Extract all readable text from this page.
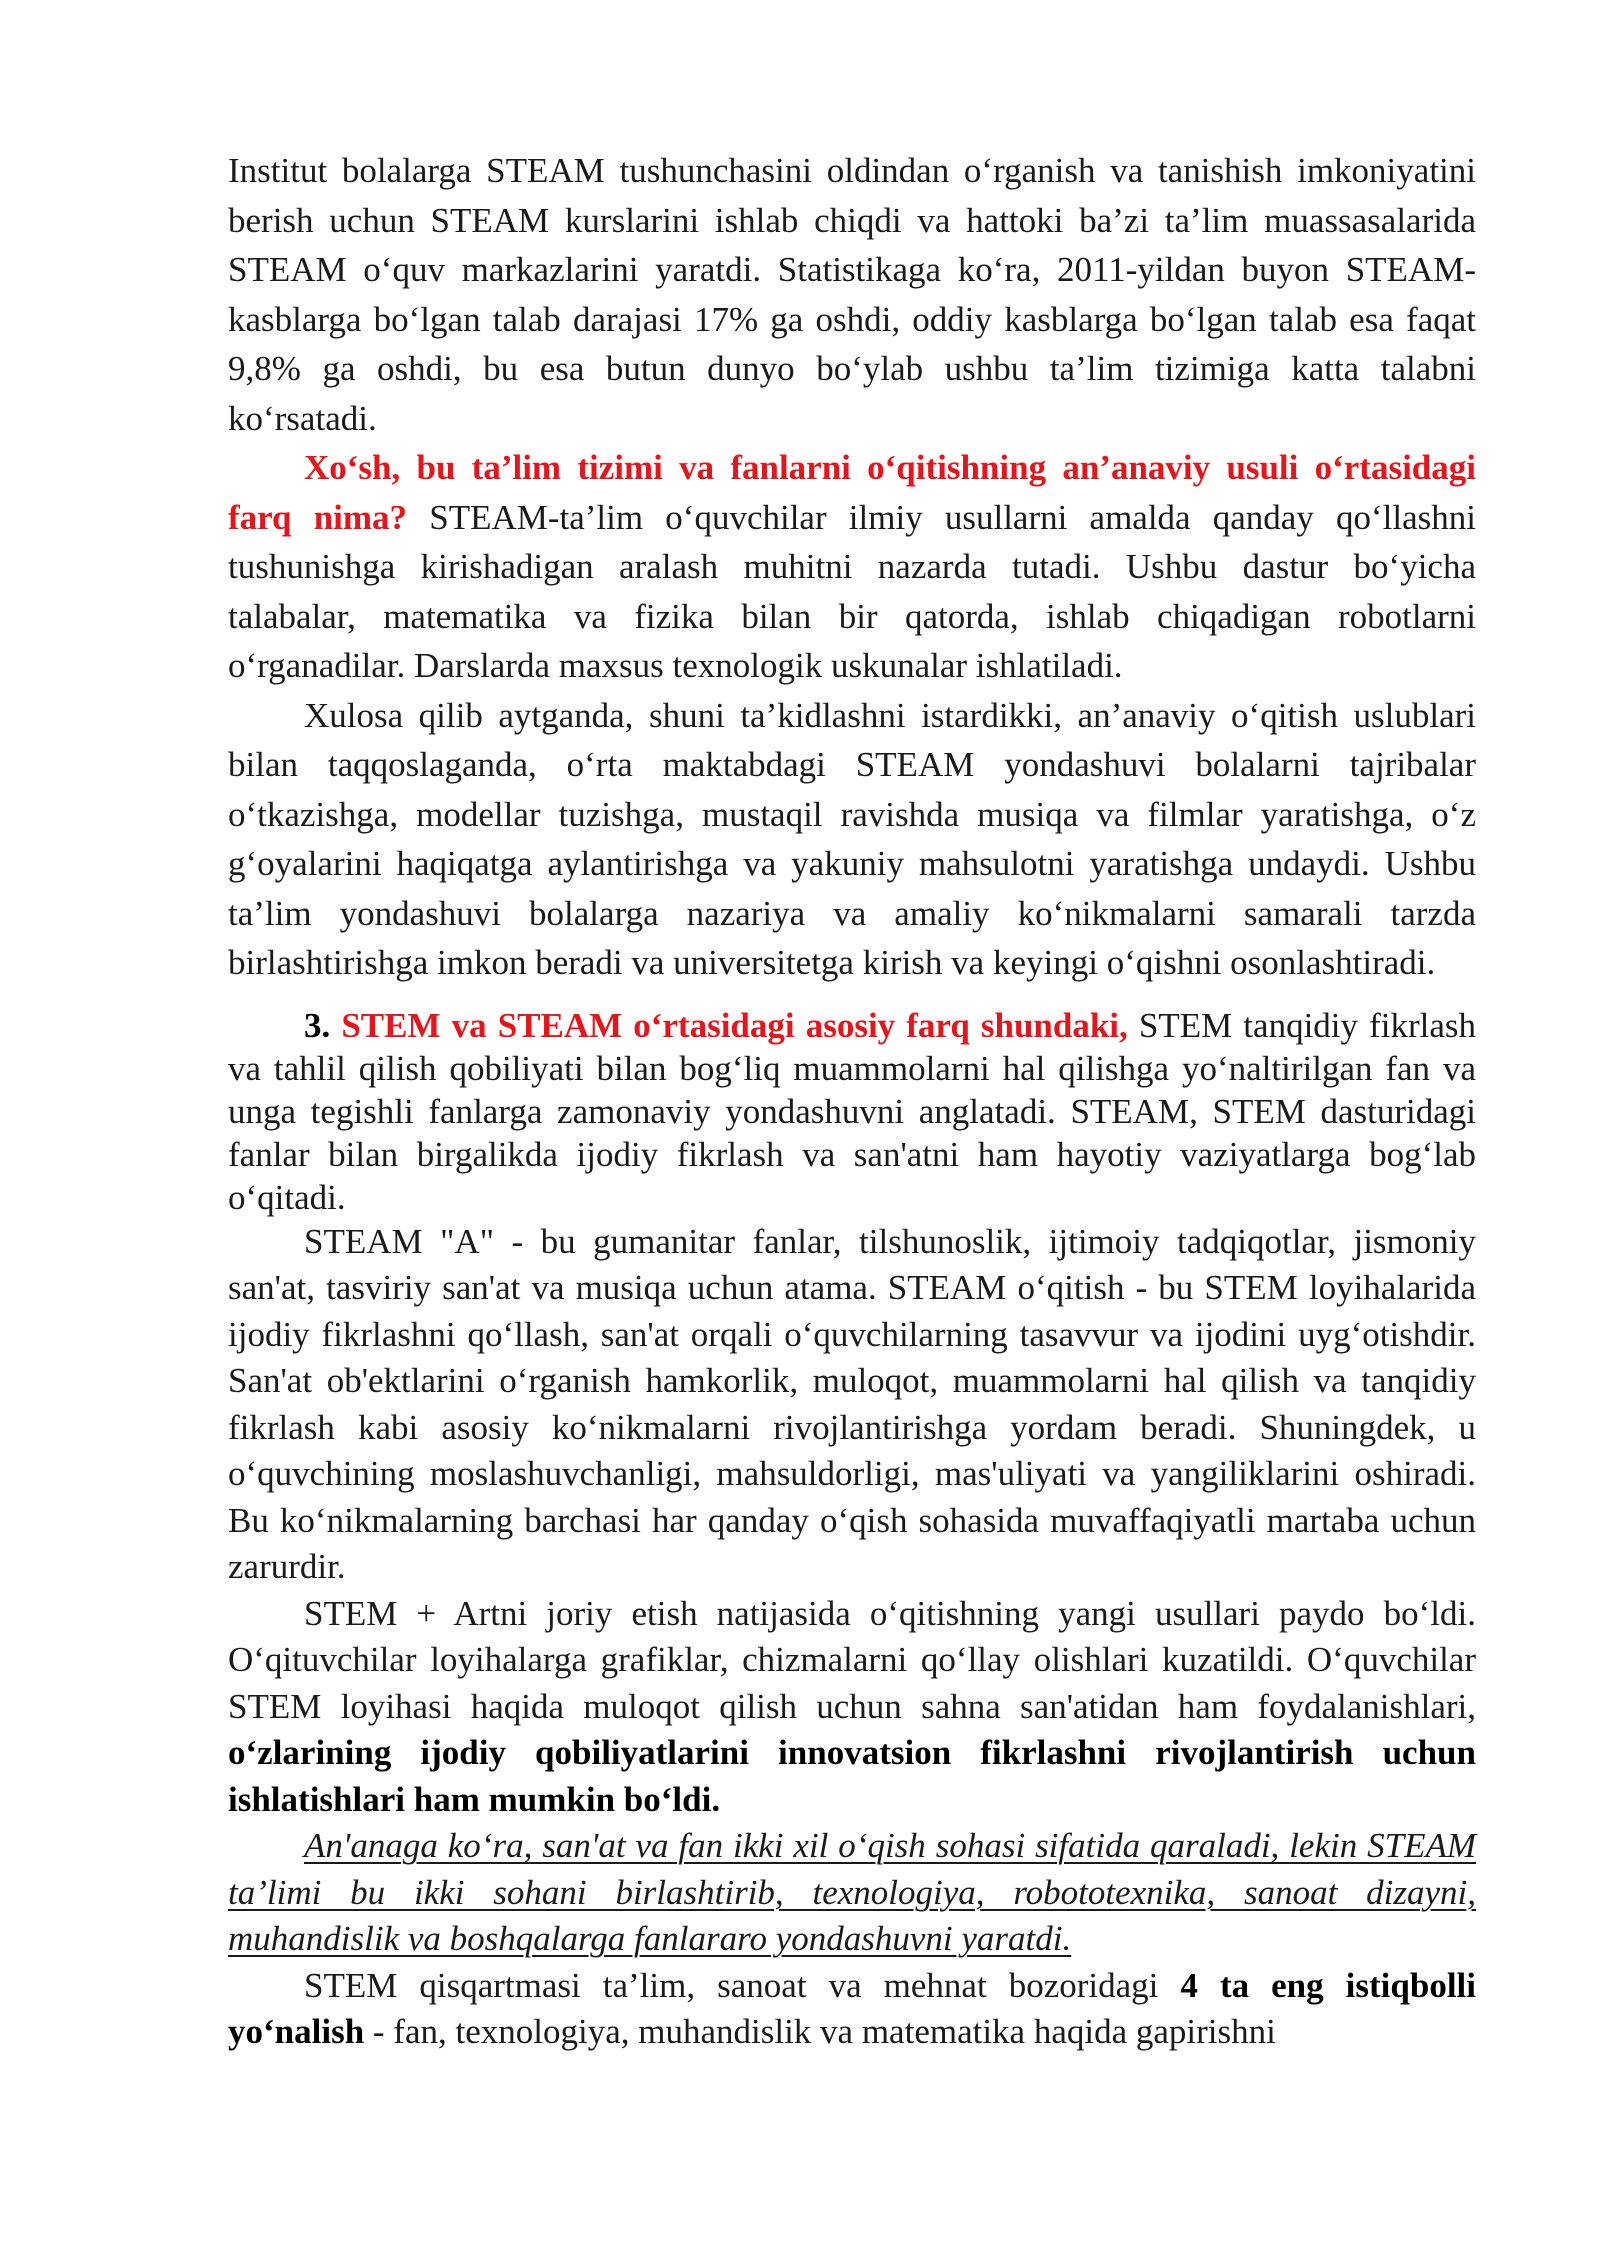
Institut bolalarga STEAM tushunchasini oldindan o‘rganish va tanishish imkoniyatini berish uchun STEAM kurslarini ishlab chiqdi va hattoki ba’zi ta’lim muassasalarida STEAM o‘quv markazlarini yaratdi. Statistikaga ko‘ra, 2011-yildan buyon STEAM-kasblarga bo‘lgan talab darajasi 17% ga oshdi, oddiy kasblarga bo‘lgan talab esa faqat 9,8% ga oshdi, bu esa butun dunyo bo‘ylab ushbu ta’lim tizimiga katta talabni ko‘rsatadi.

Xo‘sh, bu ta’lim tizimi va fanlarni o‘qitishning an’anaviy usuli o‘rtasidagi farq nima? STEAM-ta’lim o‘quvchilar ilmiy usullarni amalda qanday qo‘llashni tushunishga kirishadigan aralash muhitni nazarda tutadi. Ushbu dastur bo‘yicha talabalar, matematika va fizika bilan bir qatorda, ishlab chiqadigan robotlarni o‘rganadilar. Darslarda maxsus texnologik uskunalar ishlatiladi.

Xulosa qilib aytganda, shuni ta’kidlashni istardikki, an’anaviy o‘qitish uslublari bilan taqqoslaganda, o‘rta maktabdagi STEAM yondashuvi bolalarni tajribalar o‘tkazishga, modellar tuzishga, mustaqil ravishda musiqa va filmlar yaratishga, o‘z g‘oyalarini haqiqatga aylantirishga va yakuniy mahsulotni yaratishga undaydi. Ushbu ta’lim yondashuvi bolalarga nazariya va amaliy ko‘nikmalarni samarali tarzda birlashtirishga imkon beradi va universitetga kirish va keyingi o‘qishni osonlashtiradi.

3. STEM va STEAM o‘rtasidagi asosiy farq shundaki, STEM tanqidiy fikrlash va tahlil qilish qobiliyati bilan bog‘liq muammolarni hal qilishga yo‘naltirilgan fan va unga tegishli fanlarga zamonaviy yondashuvni anglatadi. STEAM, STEM dasturidagi fanlar bilan birgalikda ijodiy fikrlash va san'atni ham hayotiy vaziyatlarga bog‘lab o‘qitadi.

STEAM "A" - bu gumanitar fanlar, tilshunoslik, ijtimoiy tadqiqotlar, jismoniy san'at, tasviriy san'at va musiqa uchun atama. STEAM o‘qitish - bu STEM loyihalarida ijodiy fikrlashni qo‘llash, san'at orqali o‘quvchilarning tasavvur va ijodini uyg‘otishdir. San'at ob'ektlarini o‘rganish hamkorlik, muloqot, muammolarni hal qilish va tanqidiy fikrlash kabi asosiy ko‘nikmalarni rivojlantirishga yordam beradi. Shuningdek, u o‘quvchining moslashuvchanligi, mahsuldorligi, mas'uliyati va yangiliklarini oshiradi. Bu ko‘nikmalarning barchasi har qanday o‘qish sohasida muvaffaqiyatli martaba uchun zarurdir.

STEM + Artni joriy etish natijasida o‘qitishning yangi usullari paydo bo‘ldi. O‘qituvchilar loyihalarga grafiklar, chizmalarni qo‘llay olishlari kuzatildi. O‘quvchilar STEM loyihasi haqida muloqot qilish uchun sahna san'atidan ham foydalanishlari, o‘zlarining ijodiy qobiliyatlarini innovatsion fikrlashni rivojlantirish uchun ishlatishlari ham mumkin bo‘ldi.

An'anaga ko‘ra, san'at va fan ikki xil o‘qish sohasi sifatida qaraladi, lekin STEAM ta’limi bu ikki sohani birlashtirib, texnologiya, robototexnika, sanoat dizayni, muhandislik va boshqalarga fanlararo yondashuvni yaratdi.

STEM qisqartmasi ta’lim, sanoat va mehnat bozoridagi 4 ta eng istiqbolli yo‘nalish - fan, texnologiya, muhandislik va matematika haqida gapirishni
